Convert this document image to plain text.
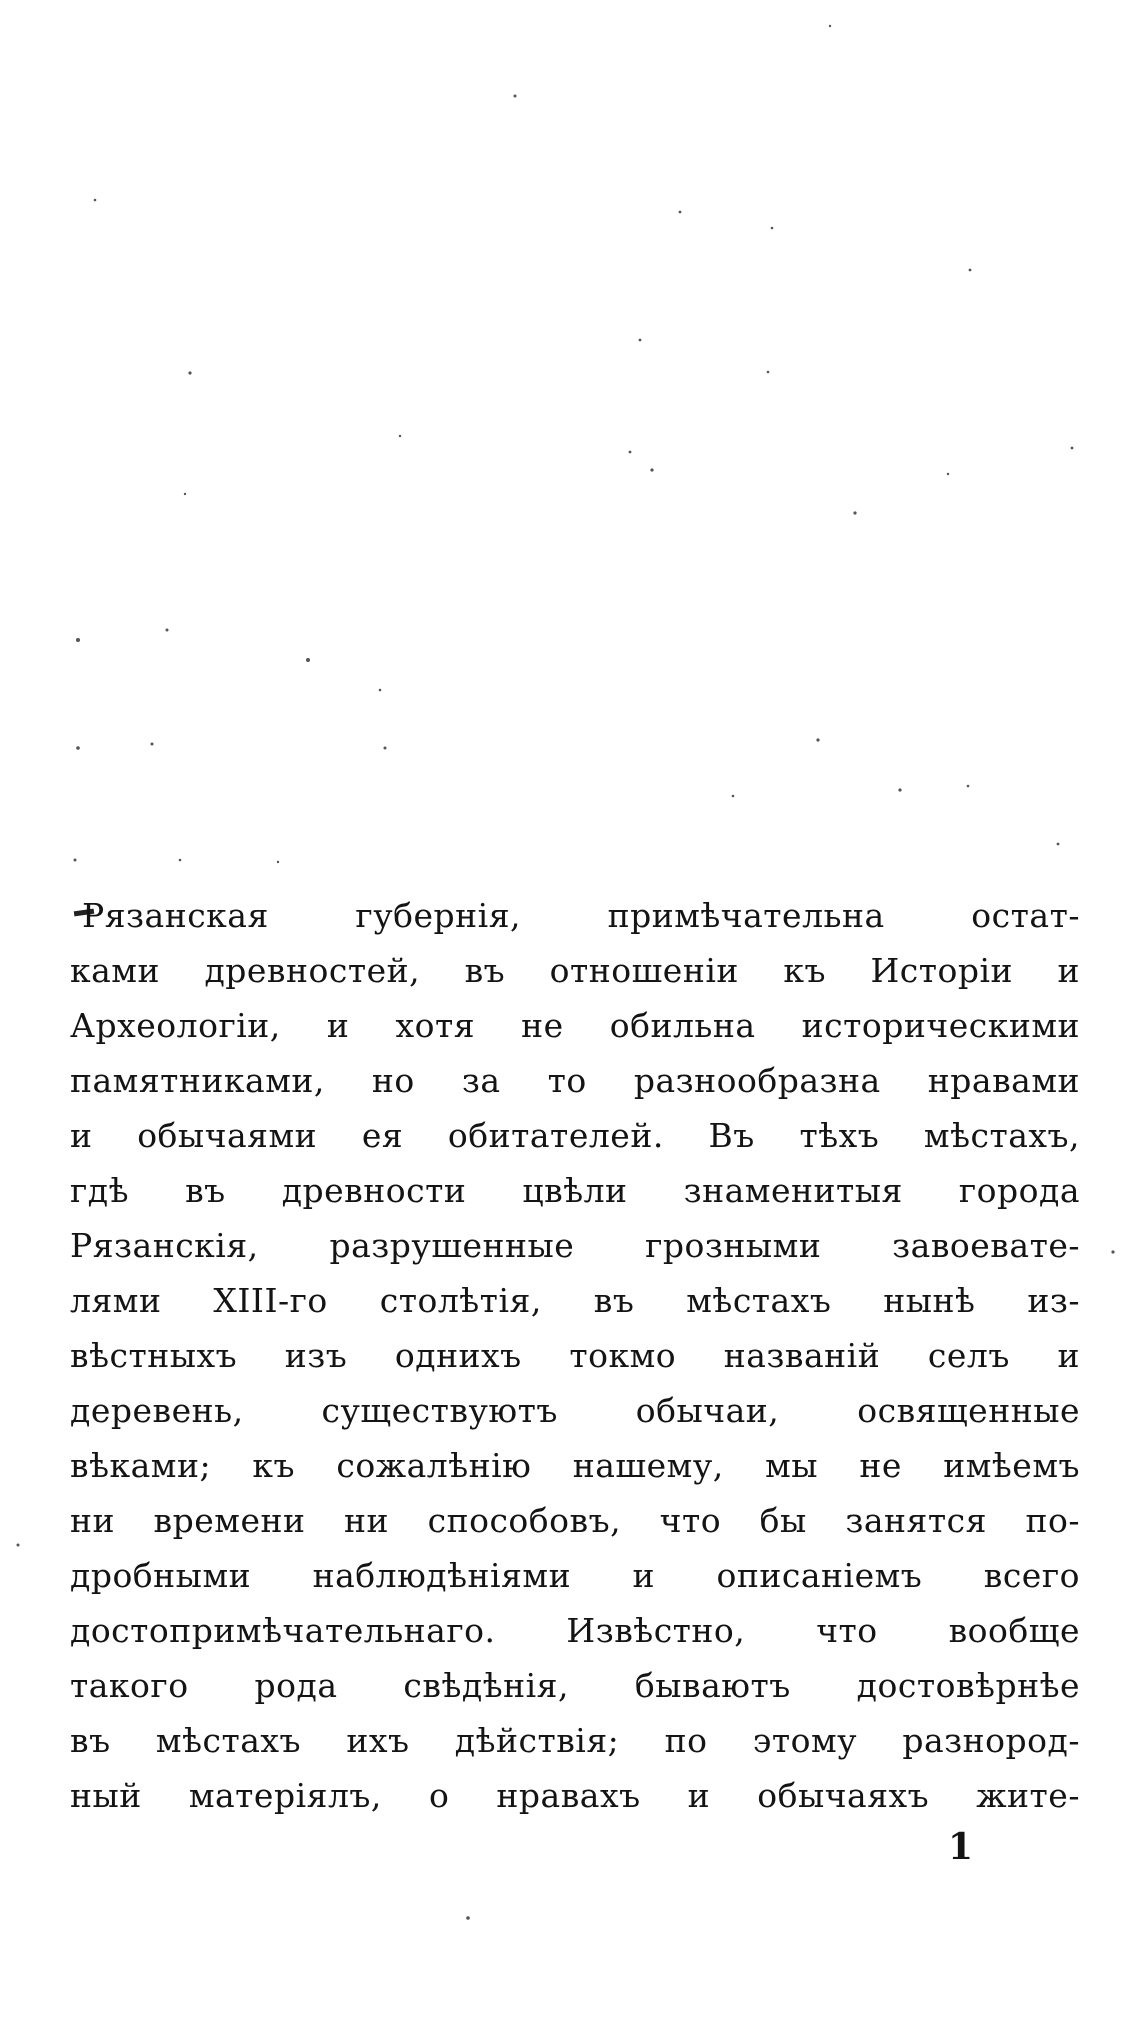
Рязанская губернія, примѣчательна остат-
ками древностей, въ отношеніи къ Исторіи и
Археологіи, и хотя не обильна историческими
памятниками, но за то разнообразна нравами
и обычаями ея обитателей. Въ тѣхъ мѣстахъ,
гдѣ въ древности цвѣли знаменитыя города
Рязанскія, разрушенные грозными завоевате-
лями XIII-го столѣтія, въ мѣстахъ нынѣ из-
вѣстныхъ изъ однихъ токмо названій селъ и
деревень, существуютъ обычаи, освященные
вѣками; къ сожалѣнію нашему, мы не имѣемъ
ни времени ни способовъ, что бы занятся по-
дробными наблюдѣніями и описаніемъ всего
достопримѣчательнаго. Извѣстно, что вообще
такого рода свѣдѣнія, бываютъ достовѣрнѣе
въ мѣстахъ ихъ дѣйствія; по этому разнород-
ный матеріялъ, о нравахъ и обычаяхъ жите-
1
